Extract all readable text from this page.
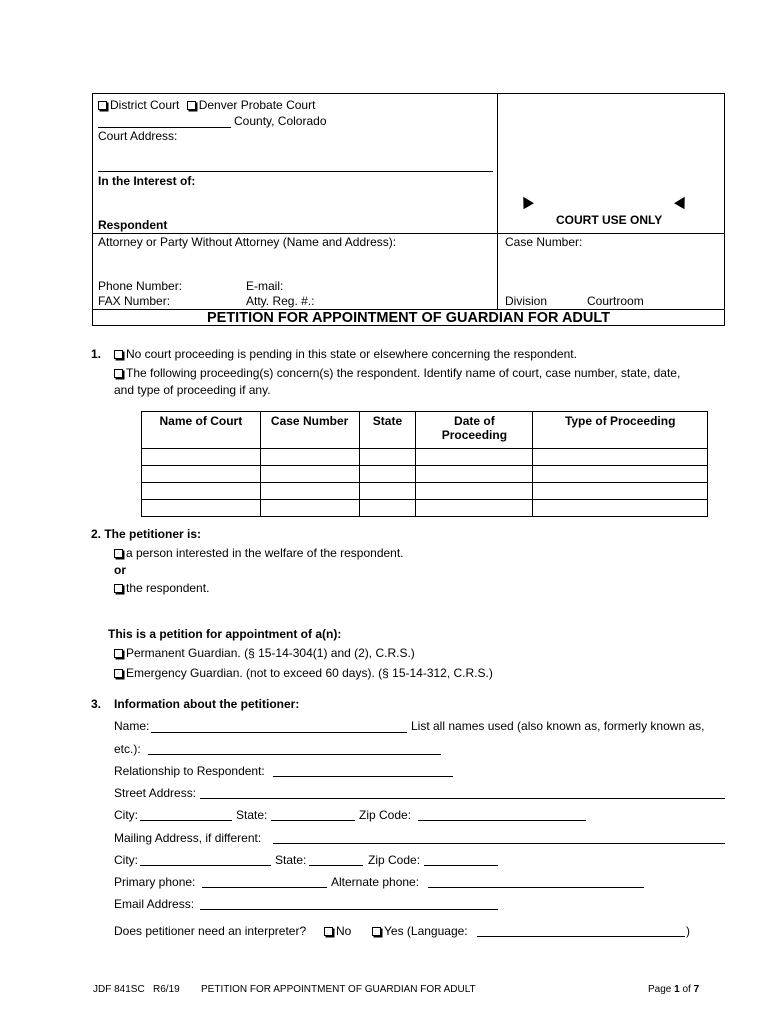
District Court Denver Probate Court
County, Colorado
Court Address:
In the Interest of:
Respondent	COURT USE ONLY
Attorney or Party Without Attorney (Name and Address):	Case Number:
Phone Number:	E-mail:
FAX Number:	Atty. Reg. #.:	Division	Courtroom
PETITION FOR APPOINTMENT OF GUARDIAN FOR ADULT
1.	No court proceeding is pending in this state or elsewhere concerning the respondent.
The following proceeding(s) concern(s) the respondent. Identify name of court, case number, state, date,
and type of proceeding if any.
Name of Court	Case Number	State	Date of Proceeding	Type of Proceeding

2. The petitioner is:
a person interested in the welfare of the respondent.
or
the respondent.
This is a petition for appointment of a(n):
Permanent Guardian. (§ 15-14-304(1) and (2), C.R.S.)
Emergency Guardian. (not to exceed 60 days). (§ 15-14-312, C.R.S.)
3. Information about the petitioner:
Name:	List all names used (also known as, formerly known as,
etc.):
Relationship to Respondent:
Street Address:
City:	State:	Zip Code:
Mailing Address, if different:
City:	State:	Zip Code:
Primary phone:	Alternate phone:
Email Address:
Does petitioner need an interpreter?	No	Yes (Language:	)
JDF 841SC   R6/19 PETITION FOR APPOINTMENT OF GUARDIAN FOR ADULT	Page 1 of 7
